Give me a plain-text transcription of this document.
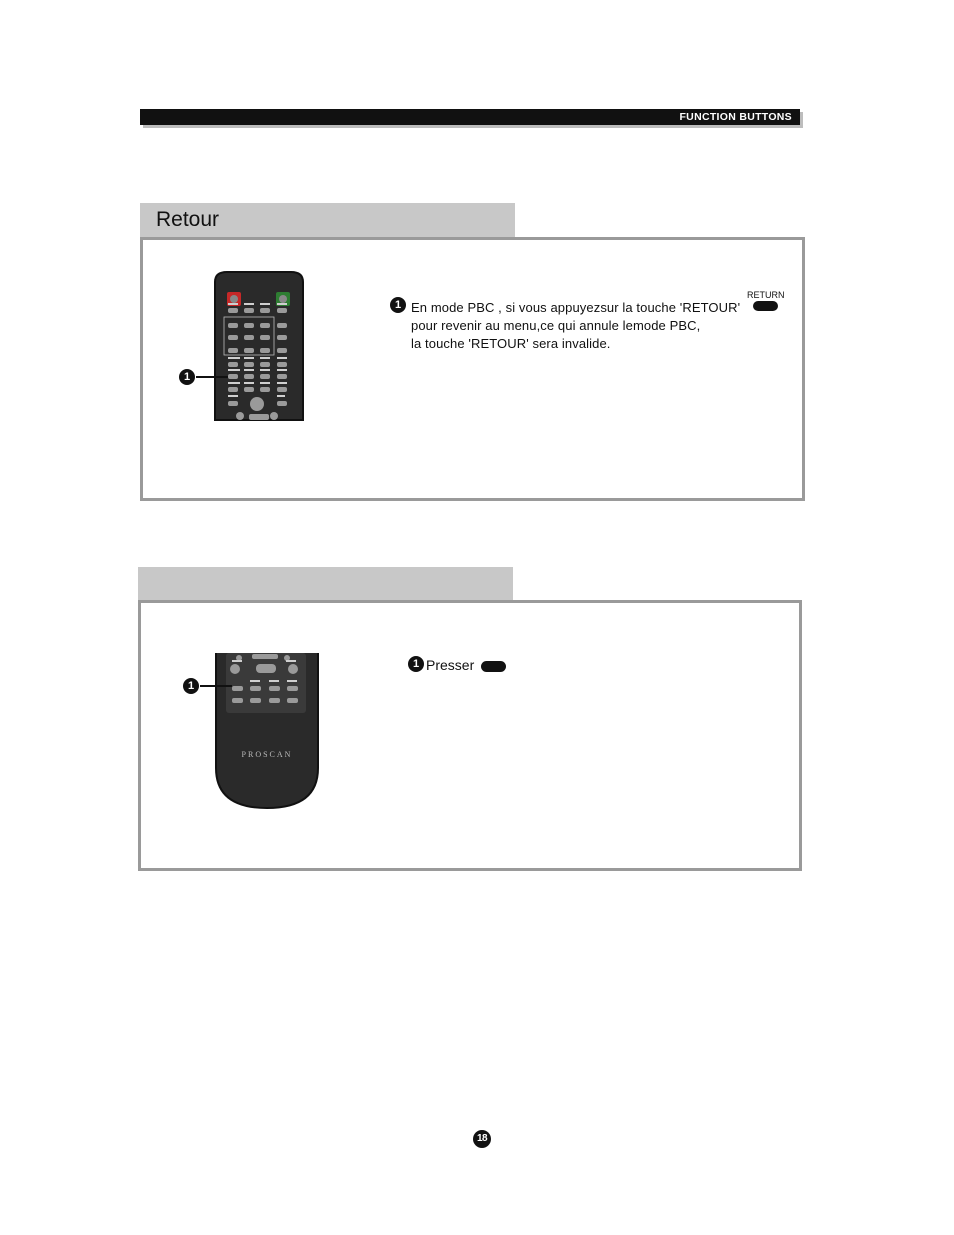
FUNCTION BUTTONS
Retour
1
1
RETURN
En mode PBC , si vous appuyezsur la touche 'RETOUR'
pour revenir au menu,ce qui annule lemode PBC,
la touche 'RETOUR' sera invalide.
PROSCAN
1
1 Presser
18
